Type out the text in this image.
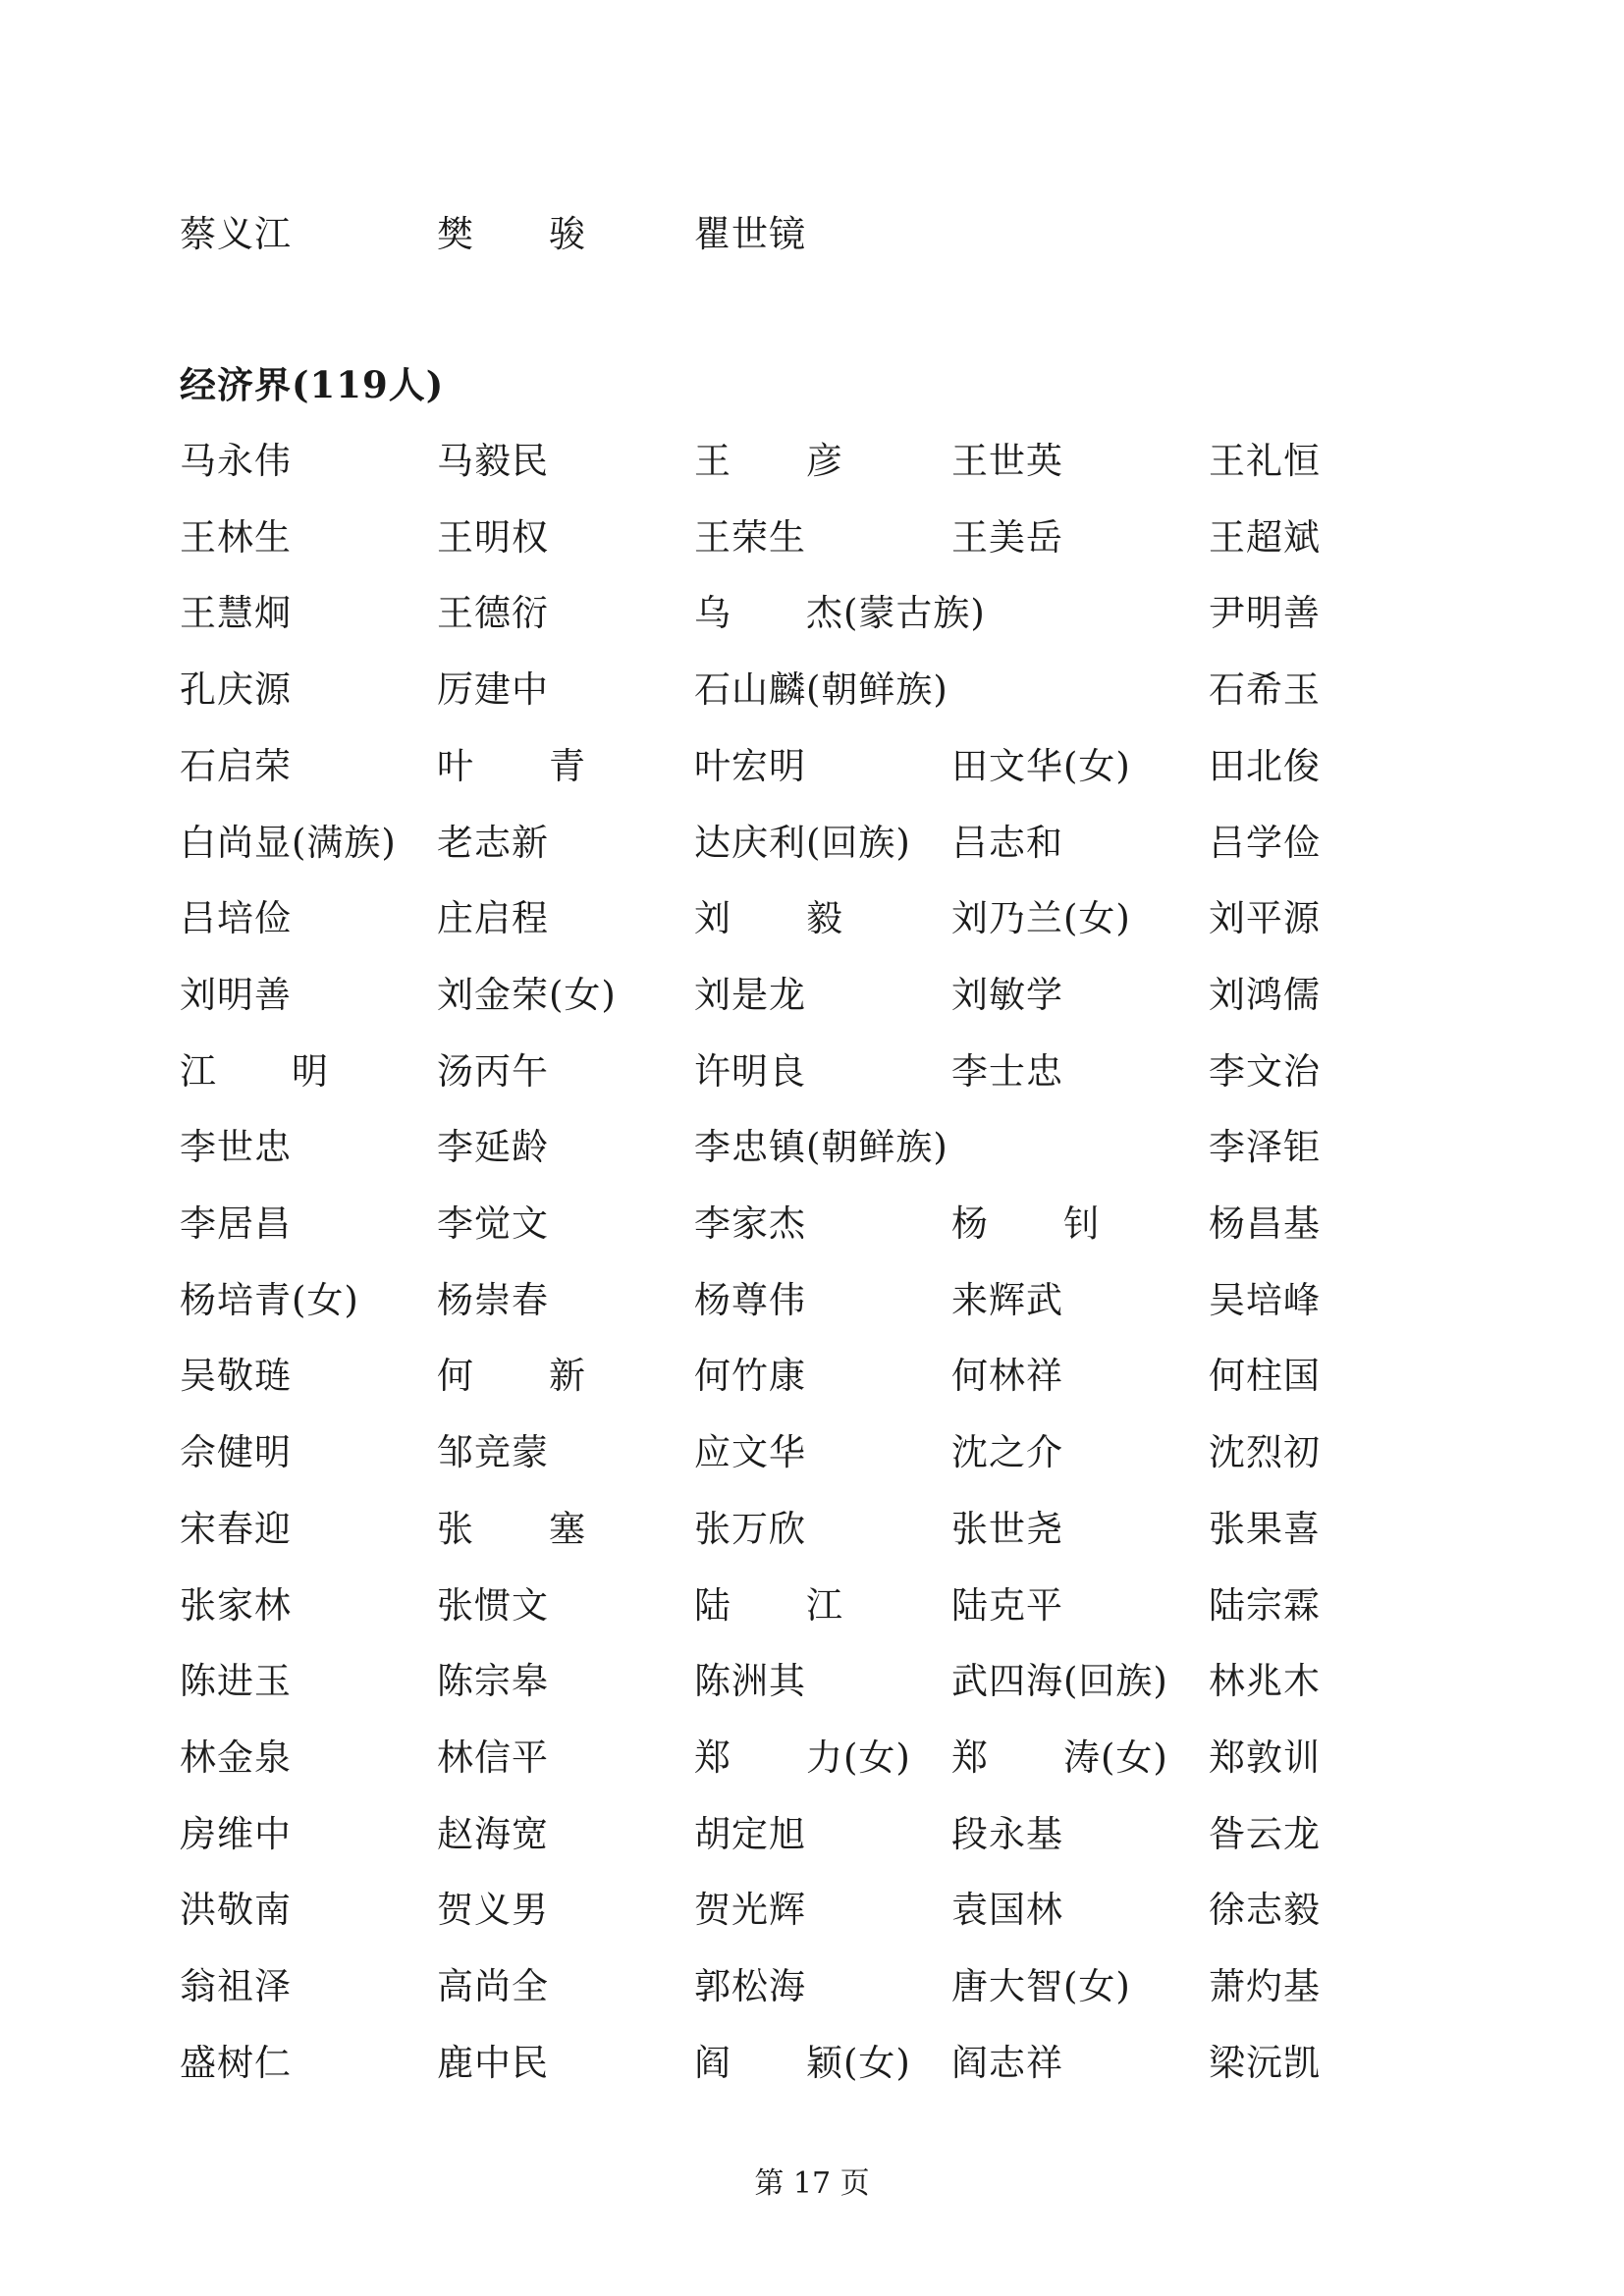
蔡义江	樊　　骏	瞿世镜
经济界(119人)
马永伟	马毅民	王　　彦	王世英	王礼恒
王林生	王明权	王荣生	王美岳	王超斌
王慧炯	王德衍	乌　　杰(蒙古族)	尹明善
孔庆源	厉建中	石山麟(朝鲜族)	石希玉
石启荣	叶　　青	叶宏明	田文华(女) 田北俊
白尚显(满族) 老志新	达庆利(回族) 吕志和	吕学俭
吕培俭	庄启程	刘　　毅	刘乃兰(女) 刘平源
刘明善	刘金荣(女) 刘是龙	刘敏学	刘鸿儒
江　　明	汤丙午	许明良	李士忠	李文治
李世忠	李延龄	李忠镇(朝鲜族)	李泽钜
李居昌	李觉文	李家杰	杨　　钊	杨昌基
杨培青(女) 杨崇春	杨尊伟	来辉武	吴培峰
吴敬琏	何　　新	何竹康	何林祥	何柱国
佘健明	邹竞蒙	应文华	沈之介	沈烈初
宋春迎	张　　塞	张万欣	张世尧	张果喜
张家林	张惯文	陆　　江	陆克平	陆宗霖
陈进玉	陈宗皋	陈洲其	武四海(回族) 林兆木
林金泉	林信平	郑　　力(女) 郑　　涛(女) 郑敦训
房维中	赵海宽	胡定旭	段永基	昝云龙
洪敬南	贺义男	贺光辉	袁国林	徐志毅
翁祖泽	高尚全	郭松海	唐大智(女) 萧灼基
盛树仁	鹿中民	阎　　颖(女) 阎志祥	梁沅凯
第 17 页
